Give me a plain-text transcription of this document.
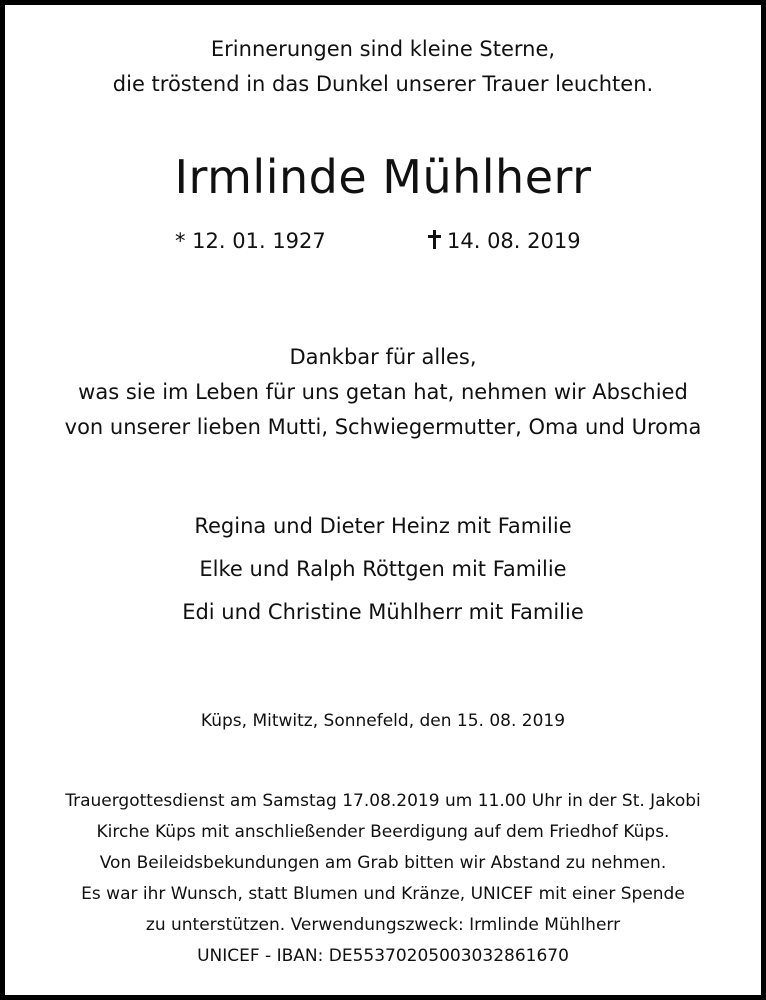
Erinnerungen sind kleine Sterne,
die tröstend in das Dunkel unserer Trauer leuchten.
Irmlinde Mühlherr
* 12. 01. 1927	14. 08. 2019
Dankbar für alles,
was sie im Leben für uns getan hat, nehmen wir Abschied
von unserer lieben Mutti, Schwiegermutter, Oma und Uroma
Regina und Dieter Heinz mit Familie
Elke und Ralph Röttgen mit Familie
Edi und Christine Mühlherr mit Familie
Küps, Mitwitz, Sonnefeld, den 15. 08. 2019
Trauergottesdienst am Samstag 17.08.2019 um 11.00 Uhr in der St. Jakobi
Kirche Küps mit anschließender Beerdigung auf dem Friedhof Küps.
Von Beileidsbekundungen am Grab bitten wir Abstand zu nehmen.
Es war ihr Wunsch, statt Blumen und Kränze, UNICEF mit einer Spende
zu unterstützen. Verwendungszweck: Irmlinde Mühlherr
UNICEF - IBAN: DE55370205003032861670
